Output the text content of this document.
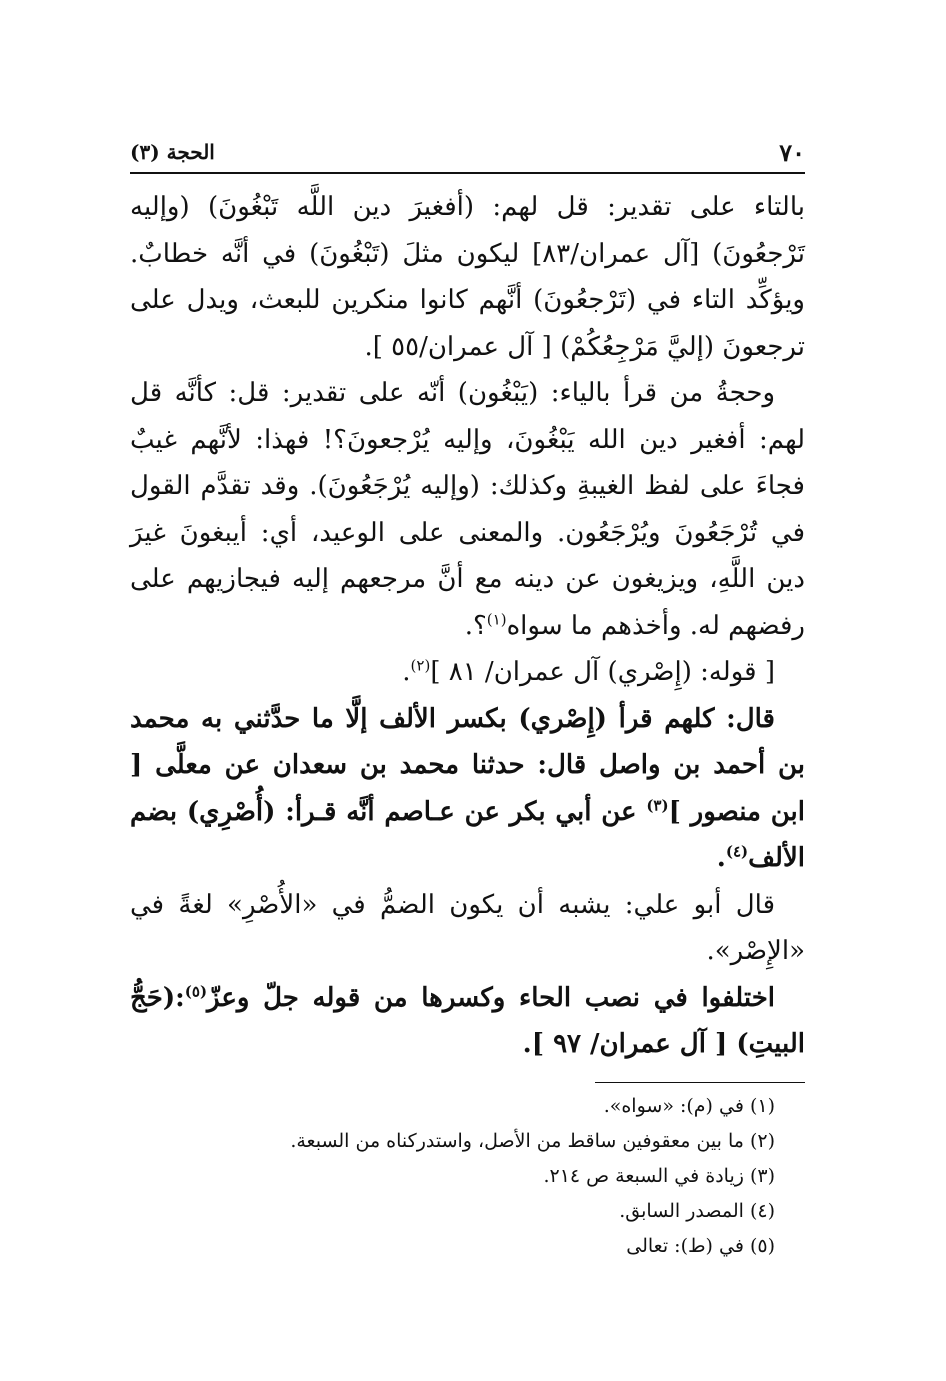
٧٠
الحجة (٣)

بالتاء على تقدير: قل لهم: (أفغيرَ دين اللَّه تَبْغُونَ) (وإليه تَرْجعُونَ) [آل عمران/٨٣] ليكون مثلَ (تَبْغُونَ) في أنَّه خطابٌ. ويؤكِّد التاء في (تَرْجعُونَ) أنَّهم كانوا منكرين للبعث، ويدل على ترجعونَ (إليَّ مَرْجِعُكُمْ) [ آل عمران/٥٥ ].

وحجةُ من قرأ بالياء: (يَبْغُون) أنّه على تقدير: قل: كأنَّه قل لهم: أفغير دين الله يَبْغُونَ، وإليه يُرْجعونَ؟! فهذا: لأنَّهم غيبٌ فجاءَ على لفظ الغيبةِ وكذلك: (وإليه يُرْجَعُونَ). وقد تقدَّم القول في تُرْجَعُونَ ويُرْجَعُون. والمعنى على الوعيد، أي: أيبغونَ غيرَ دين اللَّهِ، ويزيغون عن دينه مع أنَّ مرجعهم إليه فيجازيهم على رفضهم له. وأخذهم ما سواه$^{(١)}$؟.

[ قوله: (إِصْري) آل عمران/ ٨١ ]$^{(٢)}$.

قال: كلهم قرأ (إِصْري) بكسر الألف إلَّا ما حدَّثني به محمد بن أحمد بن واصل قال: حدثنا محمد بن سعدان عن معلَّى [ ابن منصور ]$^{(٣)}$ عن أبي بكر عن عـاصم أنَّه قـرأ: (أُصْرِي) بضم الألف$^{(٤)}$.

قال أبو علي: يشبه أن يكون الضمُّ في «الأُصْرِ» لغةً في «الإِصْر».

اختلفوا في نصب الحاء وكسرها من قوله جلّ وعزّ$^{(٥)}$:(حَجُّ البيتِ) [ آل عمران/ ٩٧ ].

(١)في (م): «سواه».
(٢)ما بين معقوفين ساقط من الأصل، واستدركناه من السبعة.
(٣)زيادة في السبعة ص ٢١٤.
(٤)المصدر السابق.
(٥)في (ط): تعالى
